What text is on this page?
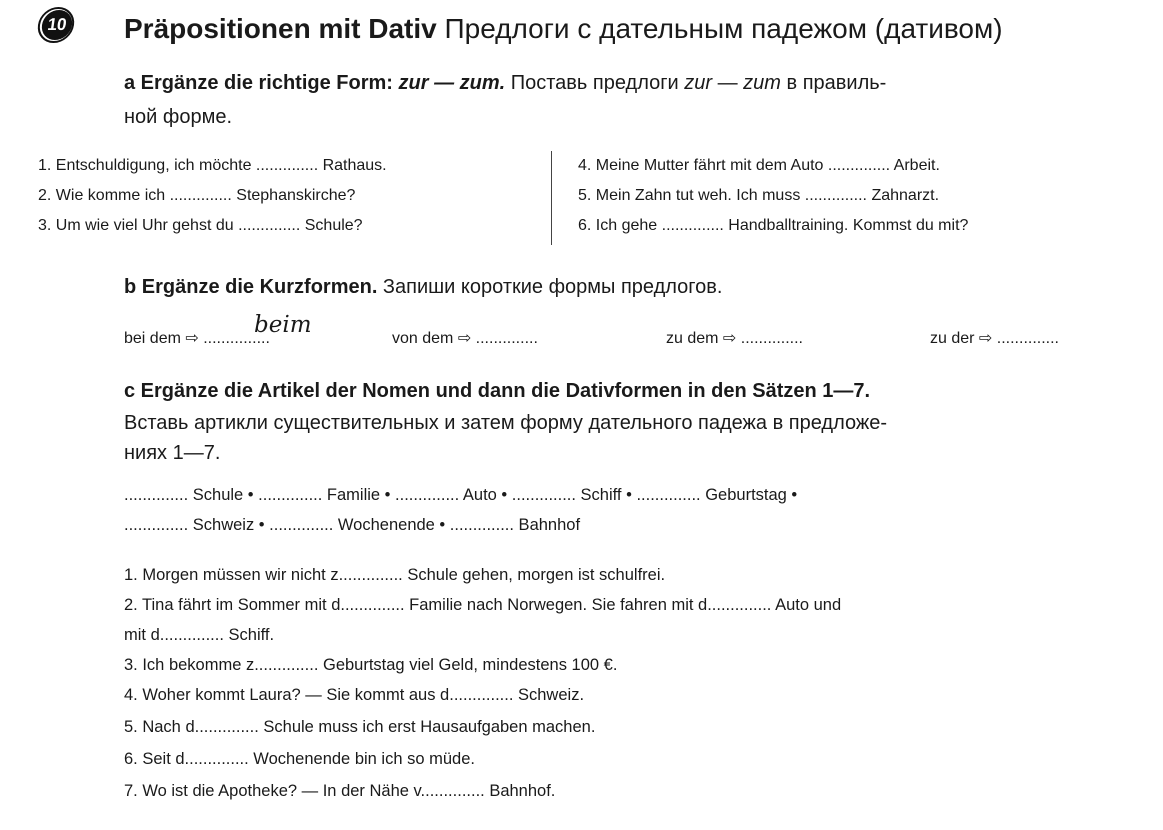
10 Präpositionen mit Dativ Предлоги с дательным падежом (дативом)
a Ergänze die richtige Form: zur — zum. Поставь предлоги zur — zum в правиль-
ной форме.
1. Entschuldigung, ich möchte .............. Rathaus.
2. Wie komme ich .............. Stephanskirche?
3. Um wie viel Uhr gehst du .............. Schule?
4. Meine Mutter fährt mit dem Auto .............. Arbeit.
5. Mein Zahn tut weh. Ich muss .............. Zahnarzt.
6. Ich gehe .............. Handballtraining. Kommst du mit?
b Ergänze die Kurzformen. Запиши короткие формы предлогов.
bei dem ⇨ ...............
beim
von dem ⇨ ..............	zu dem ⇨ ..............	zu der ⇨ ..............
c Ergänze die Artikel der Nomen und dann die Dativformen in den Sätzen 1—7.
Вставь артикли существительных и затем форму дательного падежа в предложе-
ниях 1—7.
.............. Schule • .............. Familie • .............. Auto • .............. Schiff • .............. Geburtstag •
.............. Schweiz • .............. Wochenende • .............. Bahnhof
1. Morgen müssen wir nicht z.............. Schule gehen, morgen ist schulfrei.
2. Tina fährt im Sommer mit d.............. Familie nach Norwegen. Sie fahren mit d.............. Auto und
mit d.............. Schiff.
3. Ich bekomme z.............. Geburtstag viel Geld, mindestens 100 €.
4. Woher kommt Laura? — Sie kommt aus d.............. Schweiz.
5. Nach d.............. Schule muss ich erst Hausaufgaben machen.
6. Seit d.............. Wochenende bin ich so müde.
7. Wo ist die Apotheke? — In der Nähe v.............. Bahnhof.
